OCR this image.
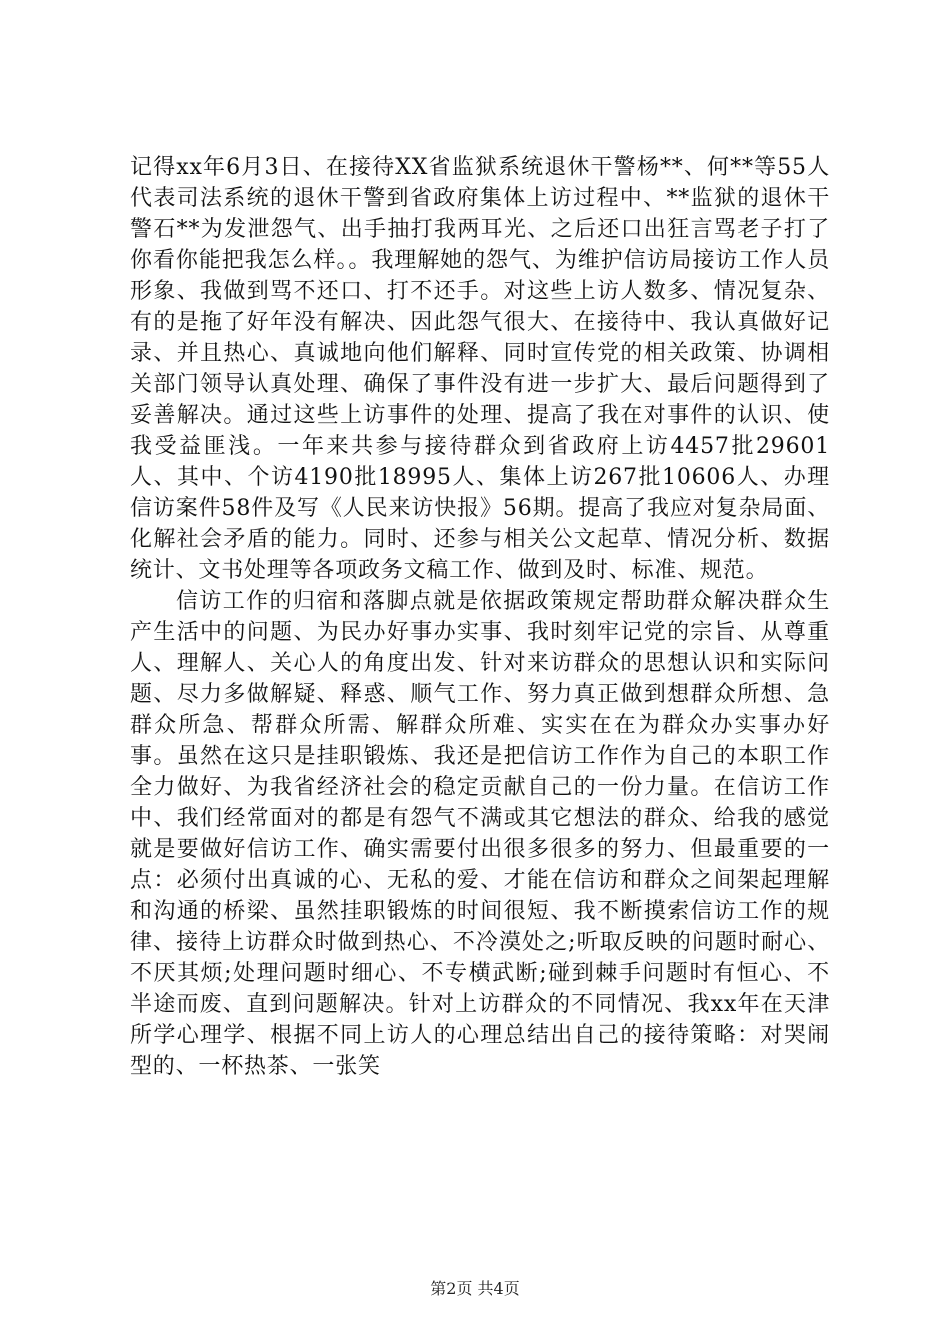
记得xx年6月3日、在接待XX省监狱系统退休干警杨**、何**等55人代表司法系统的退休干警到省政府集体上访过程中、**监狱的退休干警石**为发泄怨气、出手抽打我两耳光、之后还口出狂言骂老子打了你看你能把我怎么样。。我理解她的怨气、为维护信访局接访工作人员形象、我做到骂不还口、打不还手。对这些上访人数多、情况复杂、有的是拖了好年没有解决、因此怨气很大、在接待中、我认真做好记录、并且热心、真诚地向他们解释、同时宣传党的相关政策、协调相关部门领导认真处理、确保了事件没有进一步扩大、最后问题得到了妥善解决。通过这些上访事件的处理、提高了我在对事件的认识、使我受益匪浅。一年来共参与接待群众到省政府上访4457批29601人、其中、个访4190批18995人、集体上访267批10606人、办理信访案件58件及写《人民来访快报》56期。提高了我应对复杂局面、化解社会矛盾的能力。同时、还参与相关公文起草、情况分析、数据统计、文书处理等各项政务文稿工作、做到及时、标准、规范。

信访工作的归宿和落脚点就是依据政策规定帮助群众解决群众生产生活中的问题、为民办好事办实事、我时刻牢记党的宗旨、从尊重人、理解人、关心人的角度出发、针对来访群众的思想认识和实际问题、尽力多做解疑、释惑、顺气工作、努力真正做到想群众所想、急群众所急、帮群众所需、解群众所难、实实在在为群众办实事办好事。虽然在这只是挂职锻炼、我还是把信访工作作为自己的本职工作全力做好、为我省经济社会的稳定贡献自己的一份力量。在信访工作中、我们经常面对的都是有怨气不满或其它想法的群众、给我的感觉就是要做好信访工作、确实需要付出很多很多的努力、但最重要的一点：必须付出真诚的心、无私的爱、才能在信访和群众之间架起理解和沟通的桥梁、虽然挂职锻炼的时间很短、我不断摸索信访工作的规律、接待上访群众时做到热心、不冷漠处之;听取反映的问题时耐心、不厌其烦;处理问题时细心、不专横武断;碰到棘手问题时有恒心、不半途而废、直到问题解决。针对上访群众的不同情况、我xx年在天津所学心理学、根据不同上访人的心理总结出自己的接待策略：对哭闹型的、一杯热茶、一张笑

第2页 共4页
